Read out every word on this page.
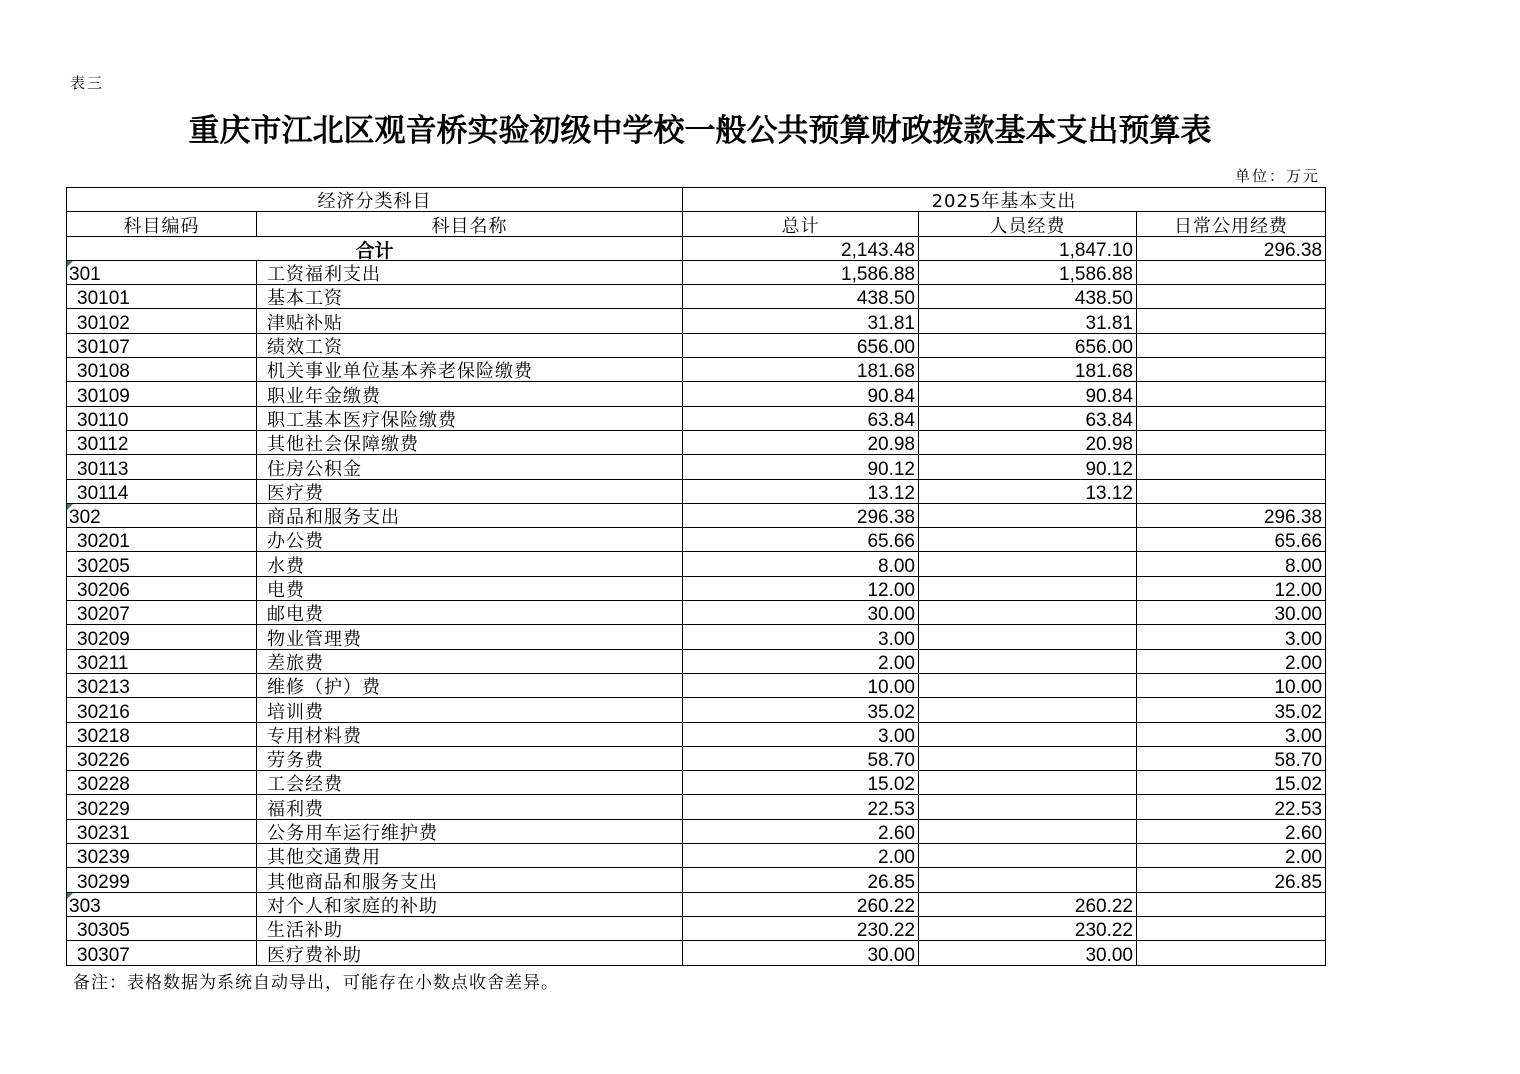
表三
重庆市江北区观音桥实验初级中学校一般公共预算财政拨款基本支出预算表
单位：万元
经济分类科目		2025年基本支出		
科目编码	科目名称	总计	人员经费	日常公用经费
合计		2,143.48	1,847.10	296.38
301	工资福利支出	1,586.88	1,586.88	
30101	基本工资	438.50	438.50	
30102	津贴补贴	31.81	31.81	
30107	绩效工资	656.00	656.00	
30108	机关事业单位基本养老保险缴费	181.68	181.68	
30109	职业年金缴费	90.84	90.84	
30110	职工基本医疗保险缴费	63.84	63.84	
30112	其他社会保障缴费	20.98	20.98	
30113	住房公积金	90.12	90.12	
30114	医疗费	13.12	13.12	
302	商品和服务支出	296.38		296.38
30201	办公费	65.66		65.66
30205	水费	8.00		8.00
30206	电费	12.00		12.00
30207	邮电费	30.00		30.00
30209	物业管理费	3.00		3.00
30211	差旅费	2.00		2.00
30213	维修（护）费	10.00		10.00
30216	培训费	35.02		35.02
30218	专用材料费	3.00		3.00
30226	劳务费	58.70		58.70
30228	工会经费	15.02		15.02
30229	福利费	22.53		22.53
30231	公务用车运行维护费	2.60		2.60
30239	其他交通费用	2.00		2.00
30299	其他商品和服务支出	26.85		26.85
303	对个人和家庭的补助	260.22	260.22	
30305	生活补助	230.22	230.22	
30307	医疗费补助	30.00	30.00	
备注：表格数据为系统自动导出，可能存在小数点收舍差异。
